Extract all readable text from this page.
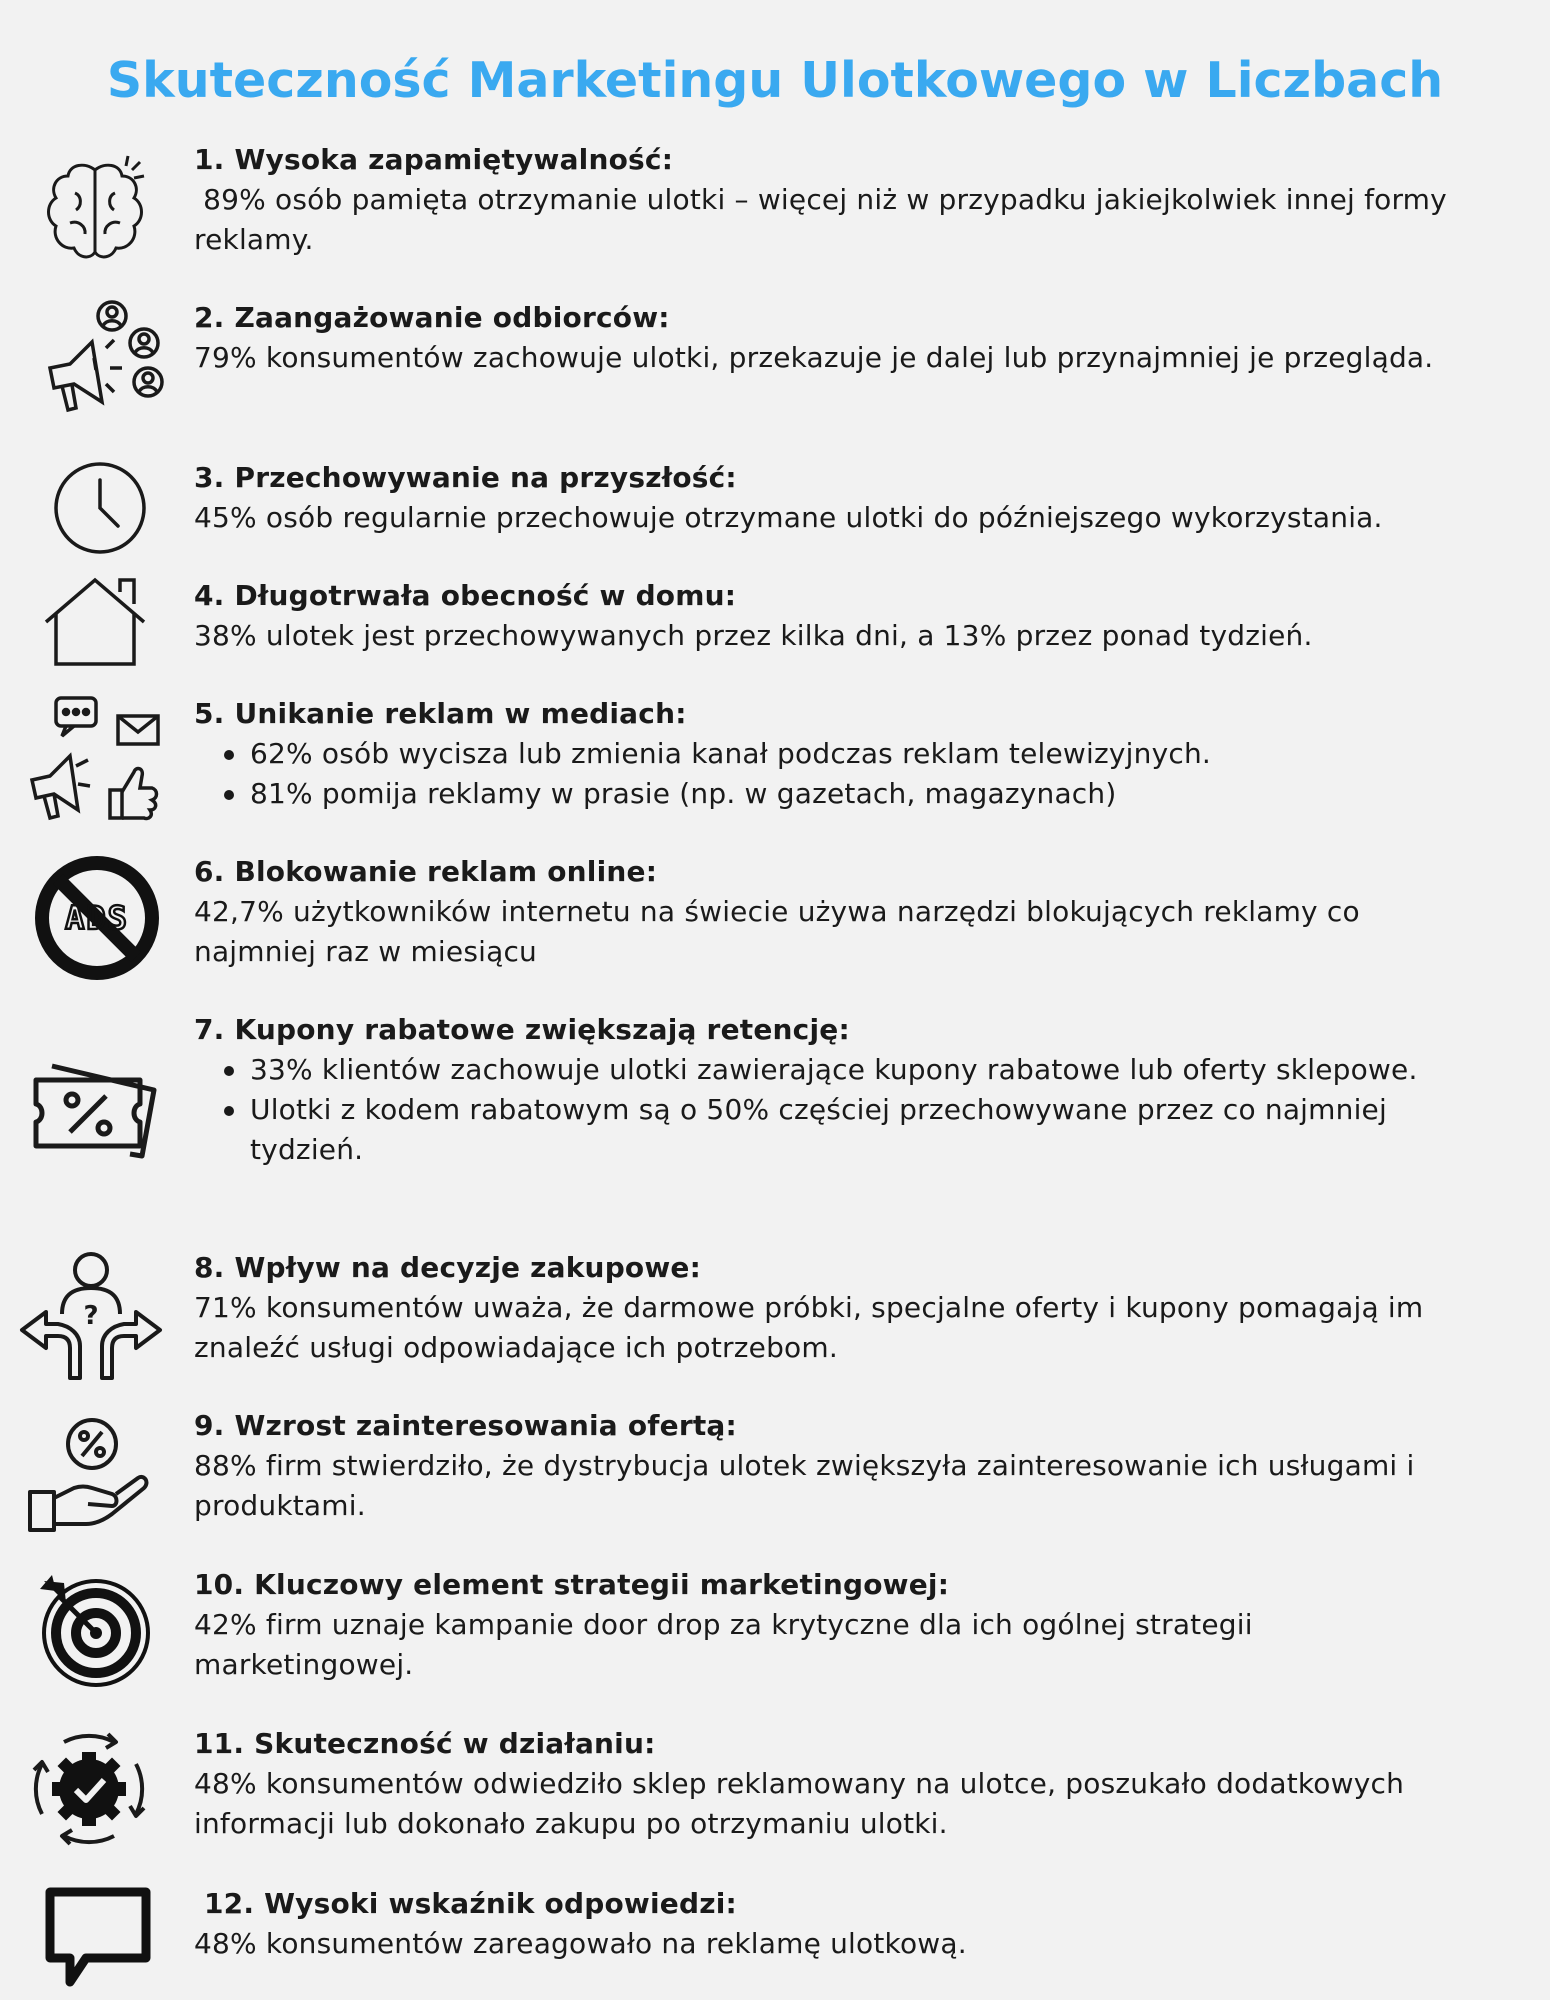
Skuteczność Marketingu Ulotkowego w Liczbach
1. Wysoka zapamiętywalność:
89% osób pamięta otrzymanie ulotki – więcej niż w przypadku jakiejkolwiek innej formy reklamy.
2. Zaangażowanie odbiorców:
79% konsumentów zachowuje ulotki, przekazuje je dalej lub przynajmniej je przegląda.
3. Przechowywanie na przyszłość:
45% osób regularnie przechowuje otrzymane ulotki do późniejszego wykorzystania.
4. Długotrwała obecność w domu:
38% ulotek jest przechowywanych przez kilka dni, a 13% przez ponad tydzień.
5. Unikanie reklam w mediach:
62% osób wycisza lub zmienia kanał podczas reklam telewizyjnych.
81% pomija reklamy w prasie (np. w gazetach, magazynach)
ADS
6. Blokowanie reklam online:
42,7% użytkowników internetu na świecie używa narzędzi blokujących reklamy co najmniej raz w miesiącu
7. Kupony rabatowe zwiększają retencję:
33% klientów zachowuje ulotki zawierające kupony rabatowe lub oferty sklepowe.
Ulotki z kodem rabatowym są o 50% częściej przechowywane przez co najmniej tydzień.
?
8. Wpływ na decyzje zakupowe:
71% konsumentów uważa, że darmowe próbki, specjalne oferty i kupony pomagają im znaleźć usługi odpowiadające ich potrzebom.
9. Wzrost zainteresowania ofertą:
88% firm stwierdziło, że dystrybucja ulotek zwiększyła zainteresowanie ich usługami i produktami.
10. Kluczowy element strategii marketingowej:
42% firm uznaje kampanie door drop za krytyczne dla ich ogólnej strategii marketingowej.
11. Skuteczność w działaniu:
48% konsumentów odwiedziło sklep reklamowany na ulotce, poszukało dodatkowych informacji lub dokonało zakupu po otrzymaniu ulotki.
12. Wysoki wskaźnik odpowiedzi:
48% konsumentów zareagowało na reklamę ulotkową.
